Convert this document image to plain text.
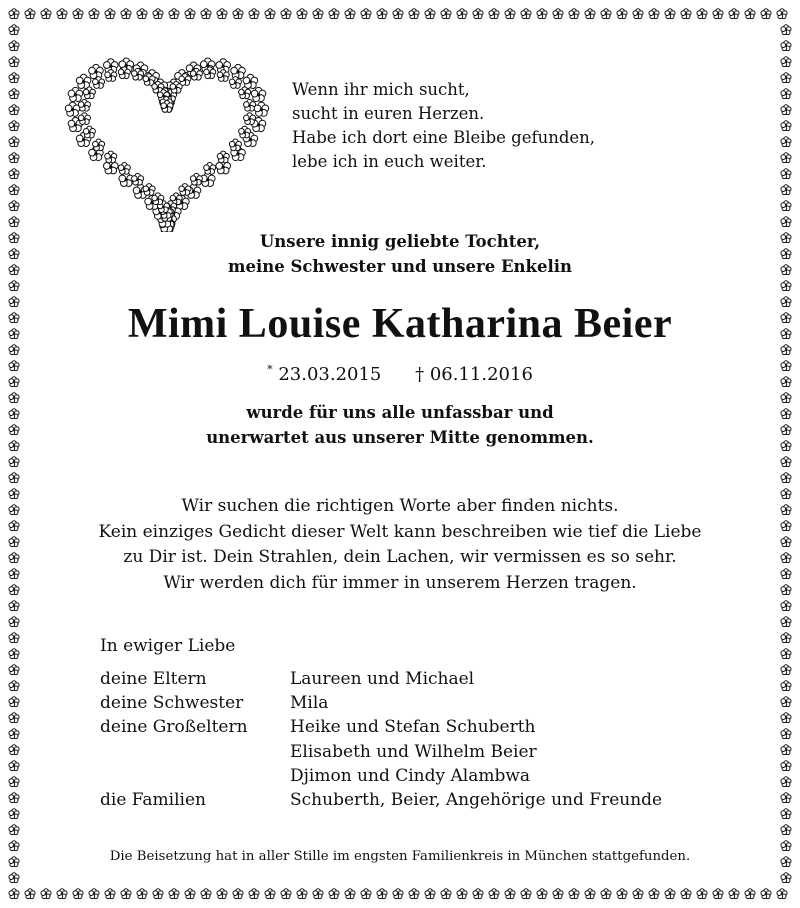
Wenn ihr mich sucht,
sucht in euren Herzen.
Habe ich dort eine Bleibe gefunden,
lebe ich in euch weiter.
Unsere innig geliebte Tochter,
meine Schwester und unsere Enkelin
Mimi Louise Katharina Beier
* 23.03.2015 † 06.11.2016
wurde für uns alle unfassbar und
unerwartet aus unserer Mitte genommen.
Wir suchen die richtigen Worte aber finden nichts.
Kein einziges Gedicht dieser Welt kann beschreiben wie tief die Liebe
zu Dir ist. Dein Strahlen, dein Lachen, wir vermissen es so sehr.
Wir werden dich für immer in unserem Herzen tragen.
In ewiger Liebe
deine Eltern	Laureen und Michael
deine Schwester	Mila
deine Großeltern	Heike und Stefan Schuberth
Elisabeth und Wilhelm Beier
Djimon und Cindy Alambwa
die Familien	Schuberth, Beier, Angehörige und Freunde
Die Beisetzung hat in aller Stille im engsten Familienkreis in München stattgefunden.
